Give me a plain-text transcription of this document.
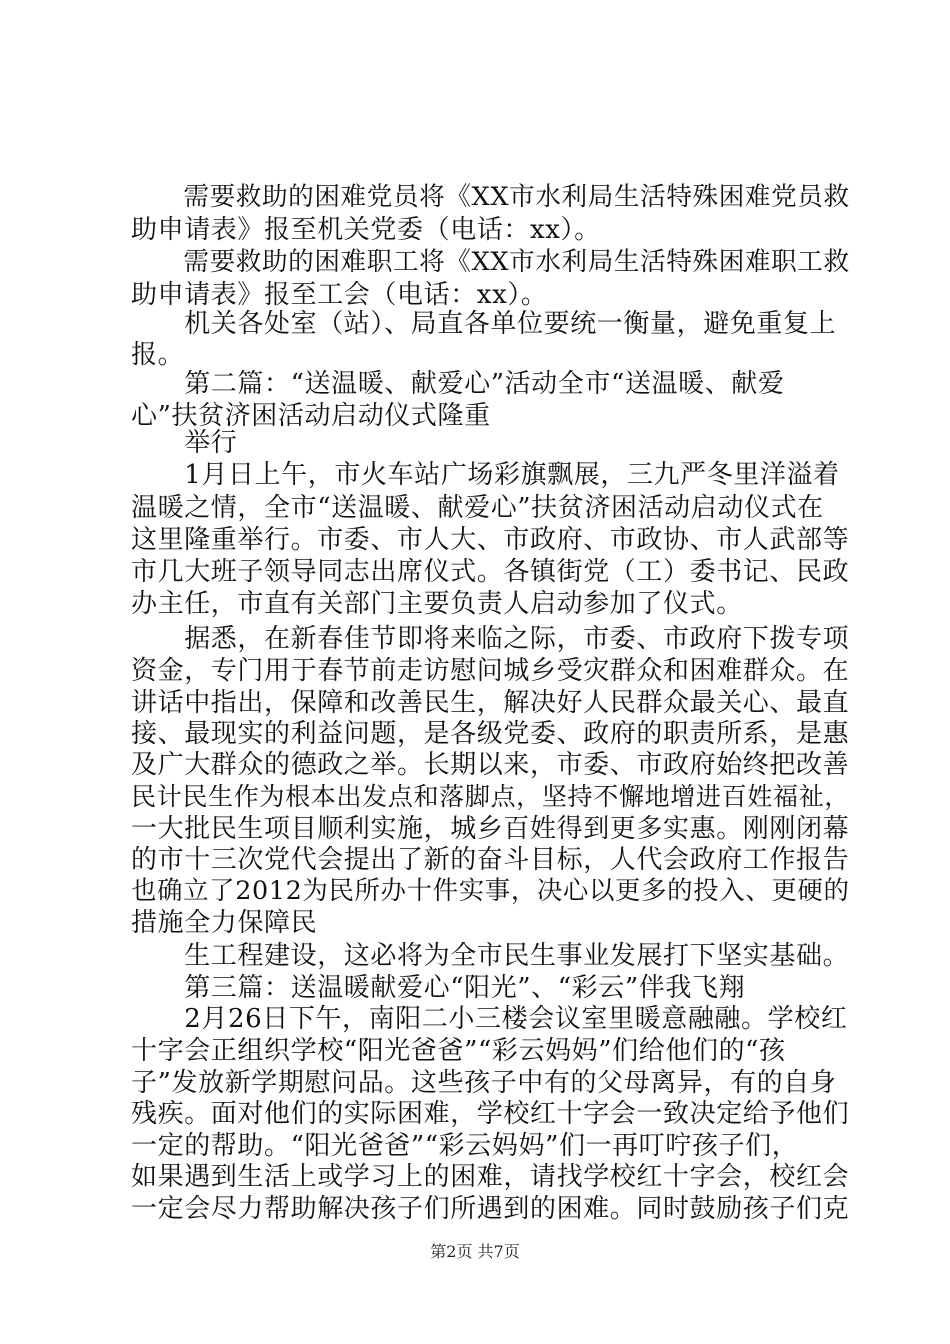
　　需要救助的困难党员将《XX市水利局生活特殊困难党员救
助申请表》报至机关党委（电话：xx）。
　　需要救助的困难职工将《XX市水利局生活特殊困难职工救
助申请表》报至工会（电话：xx）。
　　机关各处室（站）、局直各单位要统一衡量，避免重复上
报。
　　第二篇：“送温暖、献爱心”活动全市“送温暖、献爱
心”扶贫济困活动启动仪式隆重
　　举行
　　1月日上午，市火车站广场彩旗飘展，三九严冬里洋溢着
温暖之情，全市“送温暖、献爱心”扶贫济困活动启动仪式在
这里隆重举行。市委、市人大、市政府、市政协、市人武部等
市几大班子领导同志出席仪式。各镇街党（工）委书记、民政
办主任，市直有关部门主要负责人启动参加了仪式。
　　据悉，在新春佳节即将来临之际，市委、市政府下拨专项
资金，专门用于春节前走访慰问城乡受灾群众和困难群众。在
讲话中指出，保障和改善民生，解决好人民群众最关心、最直
接、最现实的利益问题，是各级党委、政府的职责所系，是惠
及广大群众的德政之举。长期以来，市委、市政府始终把改善
民计民生作为根本出发点和落脚点，坚持不懈地增进百姓福祉，
一大批民生项目顺利实施，城乡百姓得到更多实惠。刚刚闭幕
的市十三次党代会提出了新的奋斗目标，人代会政府工作报告
也确立了2012为民所办十件实事，决心以更多的投入、更硬的
措施全力保障民
　　生工程建设，这必将为全市民生事业发展打下坚实基础。
　　第三篇：送温暖献爱心“阳光”、“彩云”伴我飞翔
　　2月26日下午，南阳二小三楼会议室里暖意融融。学校红
十字会正组织学校“阳光爸爸”“彩云妈妈”们给他们的“孩
子”发放新学期慰问品。这些孩子中有的父母离异，有的自身
残疾。面对他们的实际困难，学校红十字会一致决定给予他们
一定的帮助。“阳光爸爸”“彩云妈妈”们一再叮咛孩子们，
如果遇到生活上或学习上的困难，请找学校红十字会，校红会
一定会尽力帮助解决孩子们所遇到的困难。同时鼓励孩子们克
第2页 共7页
